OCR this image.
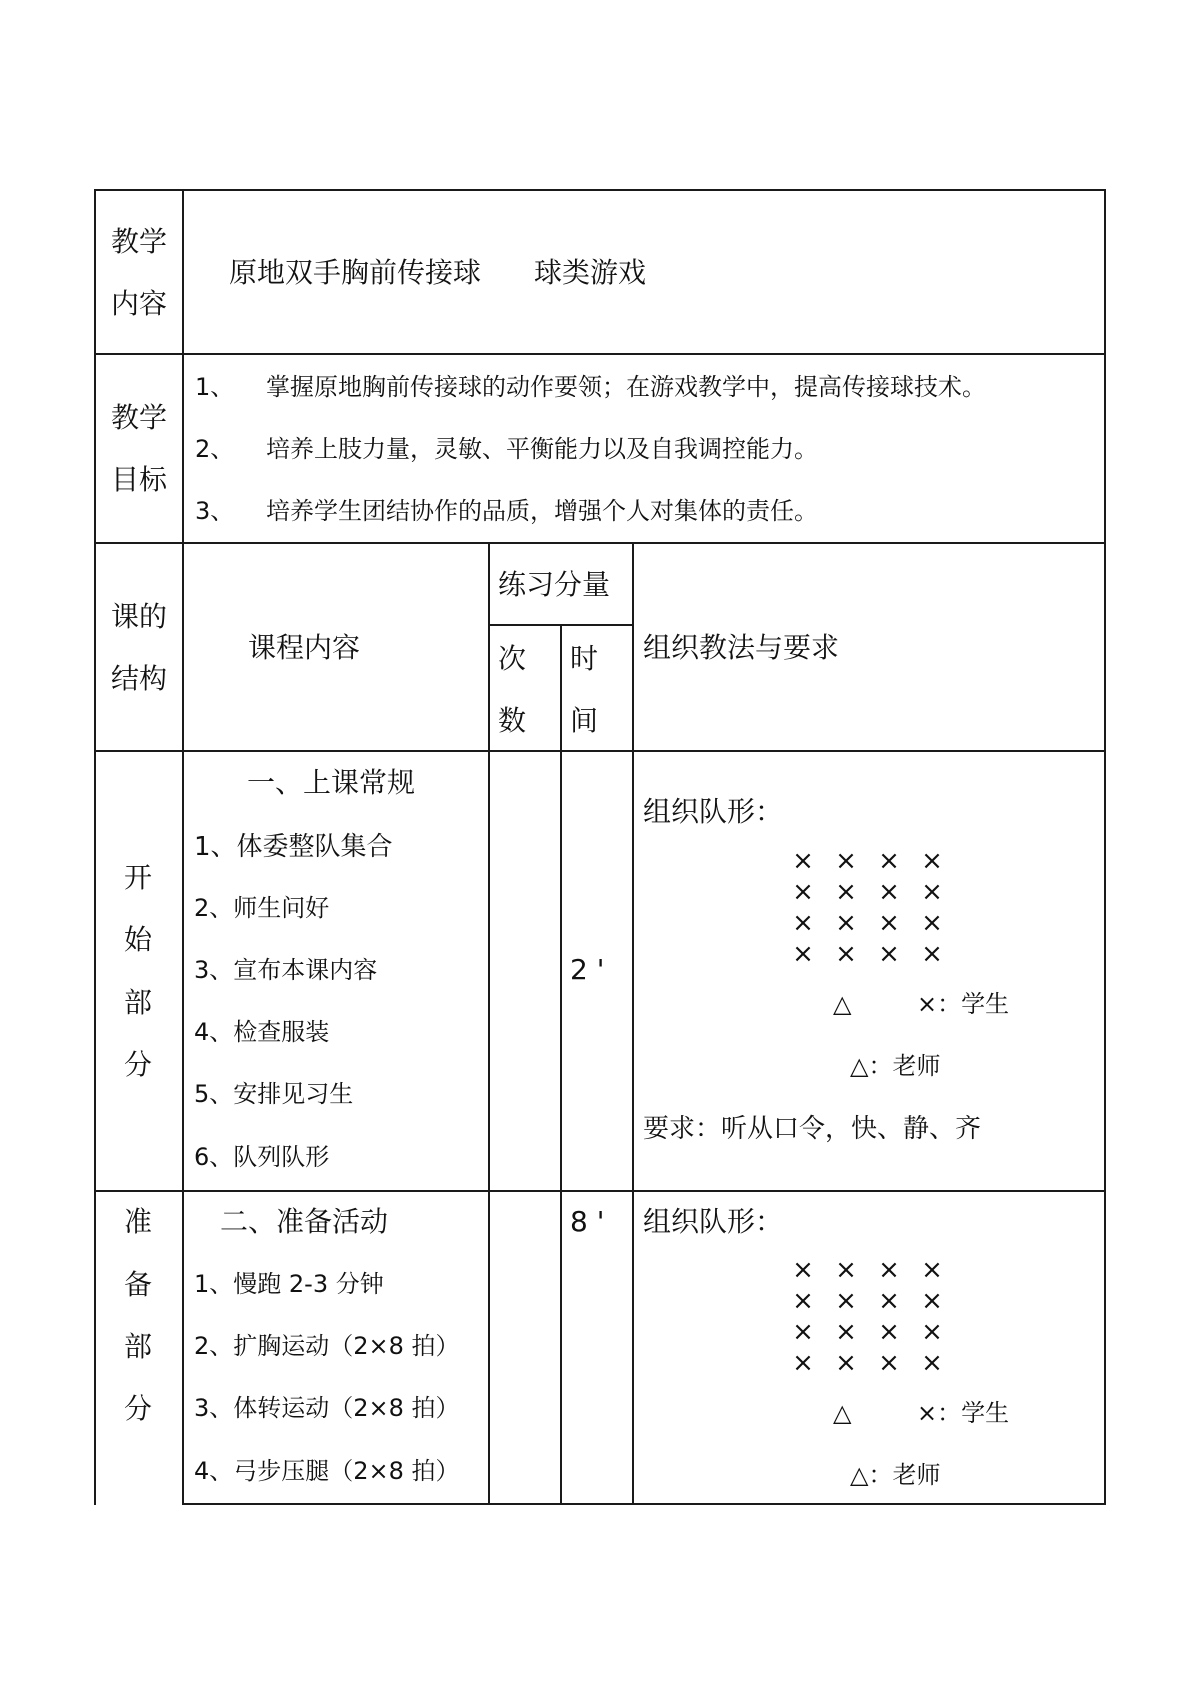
教学
内容
原地双手胸前传接球 球类游戏
教学
目标
1、 掌握原地胸前传接球的动作要领；在游戏教学中，提高传接球技术。
2、 培养上肢力量，灵敏、平衡能力以及自我调控能力。
3、 培养学生团结协作的品质，增强个人对集体的责任。
课的
结构
课程内容
练习分量
次
数
时
间
组织教法与要求
开
始
部
分
一、上课常规
1、体委整队集合
2、师生问好
3、宣布本课内容
4、检查服装
5、安排见习生
6、队列队形
2 '
组织队形：
× × × ×
× × × ×
× × × ×
× × × ×
△	×：学生
△：老师
要求：听从口令，快、静、齐
准
备
部
分
二、准备活动
1、慢跑 2-3 分钟
2、扩胸运动（2×8 拍）
3、体转运动（2×8 拍）
4、弓步压腿（2×8 拍）
8 ' 组织队形：
× × × ×
× × × ×
× × × ×
× × × ×
△	×：学生
△：老师
